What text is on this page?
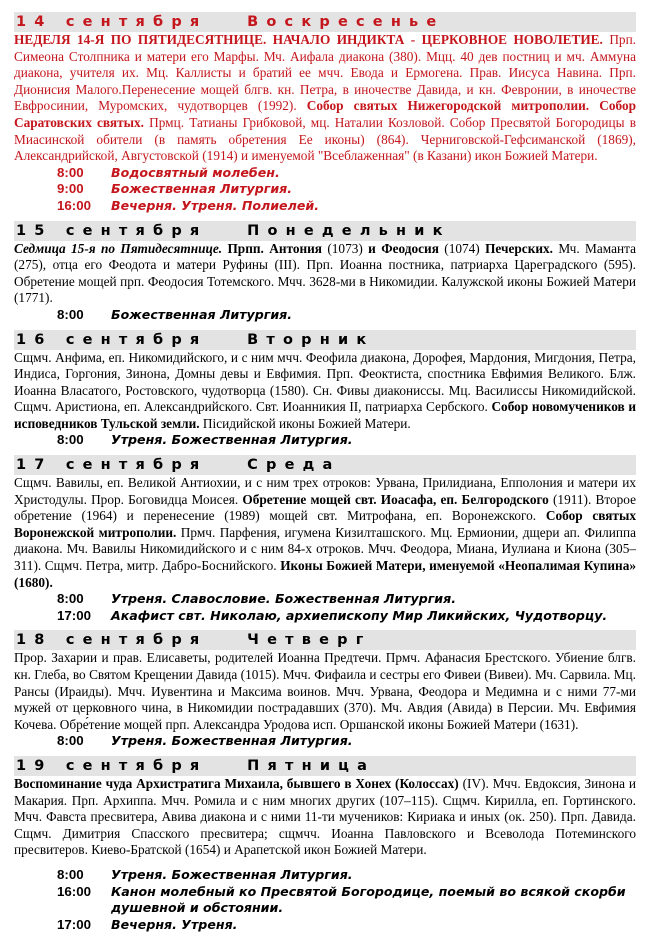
14 сентября   Воскресенье
НЕДЕЛЯ 14-Я ПО ПЯТИДЕСЯТНИЦЕ. НАЧАЛО ИНДИКТА - ЦЕРКОВНОЕ НОВОЛЕТИЕ. Прп. Симеона Столпника и матери его Марфы. Мч. Аифала диакона (380). Мцц. 40 дев постниц и мч. Аммуна диакона, учителя их. Мц. Каллисты и братий ее мчч. Евода и Ермогена. Прав. Иисуса Навина. Прп. Дионисия Малого.Перенесение мощей блгв. кн. Петра, в иночестве Давида, и кн. Февронии, в иночестве Евфросинии, Муромских, чудотворцев (1992). Собор святых Нижегородской митрополии. Собор Саратовских святых. Прмц. Татианы Грибковой, мц. Наталии Козловой. Собор Пресвятой Богородицы в Миасинской обители (в память обретения Ее иконы) (864). Черниговской-Гефсиманской (1869), Александрийской, Августовской (1914) и именуемой "Всеблаженная" (в Казани) икон Божией Матери.
8:00	Водосвятный молебен.
9:00	Божественная Литургия.
16:00	Вечерня. Утреня. Полиелей.
15 сентября   Понедельник
Седмица 15-я по Пятидесятнице. Прпп. Антония (1073) и Феодосия (1074) Печерских. Мч. Маманта (275), отца его Феодота и матери Руфины (III). Прп. Иоанна постника, патриарха Цареградского (595). Обретение мощей прп. Феодосия Тотемского. Мчч. 3628-ми в Никомидии. Калужской иконы Божией Матери (1771).
8:00	Божественная Литургия.
16 сентября   Вторник
Сщмч. Анфима, еп. Никомидийского, и с ним мчч. Феофила диакона, Дорофея, Мардония, Мигдония, Петра, Индиса, Горгония, Зинона, Домны девы и Евфимия. Прп. Феоктиста, спостника Евфимия Великого. Блж. Иоанна Власатого, Ростовского, чудотворца (1580). Сн. Фивы диакониссы. Мц. Василиссы Никомидийской. Сщмч. Аристиона, еп. Александрийского. Свт. Иоанникия II, патриарха Сербского. Собор новомучеников и исповедников Тульской земли. Пісидийской иконы Божией Матери.
8:00	Утреня. Божественная Литургия.
17 сентября   Среда
Сщмч. Вавилы, еп. Великой Антиохии, и с ним трех отроков: Урвана, Прилидиана, Епполония и матери их Христодулы. Прор. Боговидца Моисея. Обретение мощей свт. Иоасафа, еп. Белгородского (1911). Второе обретение (1964) и перенесение (1989) мощей свт. Митрофана, еп. Воронежского. Собор святых Воронежской митрополии. Прмч. Парфения, игумена Кизилташского. Мц. Ермионии, дщери ап. Филиппа диакона. Мч. Вавилы Никомидийского и с ним 84-х отроков. Мчч. Феодора, Миана, Иулиана и Киона (305–311). Сщмч. Петра, митр. Дабро-Боснийского. Иконы Божией Матери, именуемой «Неопалимая Купина» (1680).
8:00	Утреня. Славословие. Божественная Литургия.
17:00	Акафист свт. Николаю, архиепископу Мир Ликийских, Чудотворцу.
18 сентября   Четверг
Прор. Захарии и прав. Елисаветы, родителей Иоанна Предтечи. Прмч. Афанасия Брестского. Убиение блгв. кн. Глеба, во Святом Крещении Давида (1015). Мчч. Фифаила и сестры его Фивеи (Вивеи). Мч. Сарвила. Мц. Рансы (Ираиды). Мчч. Иувентина и Максима воинов. Мчч. Урвана, Феодора и Медимна и с ними 77-ми мужей от церковного чина, в Никомидии пострадавших (370). Мч. Авдия (Авида) в Персии. Мч. Евфимия Кочева. Обре́тение мощей прп. Александра Уродова исп. Оршанской иконы Божией Матери (1631).
8:00	Утреня. Божественная Литургия.
19 сентября   Пятница
Воспоминание чуда Архистратига Михаила, бывшего в Хонех (Колоссах) (IV). Мчч. Евдоксия, Зинона и Макария. Прп. Архиппа. Мчч. Ромила и с ним многих других (107–115). Сщмч. Кирилла, еп. Гортинского. Мчч. Фавста пресвитера, Авива диакона и с ними 11-ти мучеников: Кириака и иных (ок. 250). Прп. Давида. Сщмч. Димитрия Спасского пресвитера; сщмчч. Иоанна Павловского и Всеволода Потеминского пресвитеров. Киево-Братской (1654) и Арапетской икон Божией Матери.
8:00	Утреня. Божественная Литургия.
16:00	Канон молебный ко Пресвятой Богородице, поемый во всякой скорби душевной и обстоянии.
17:00	Вечерня. Утреня.
